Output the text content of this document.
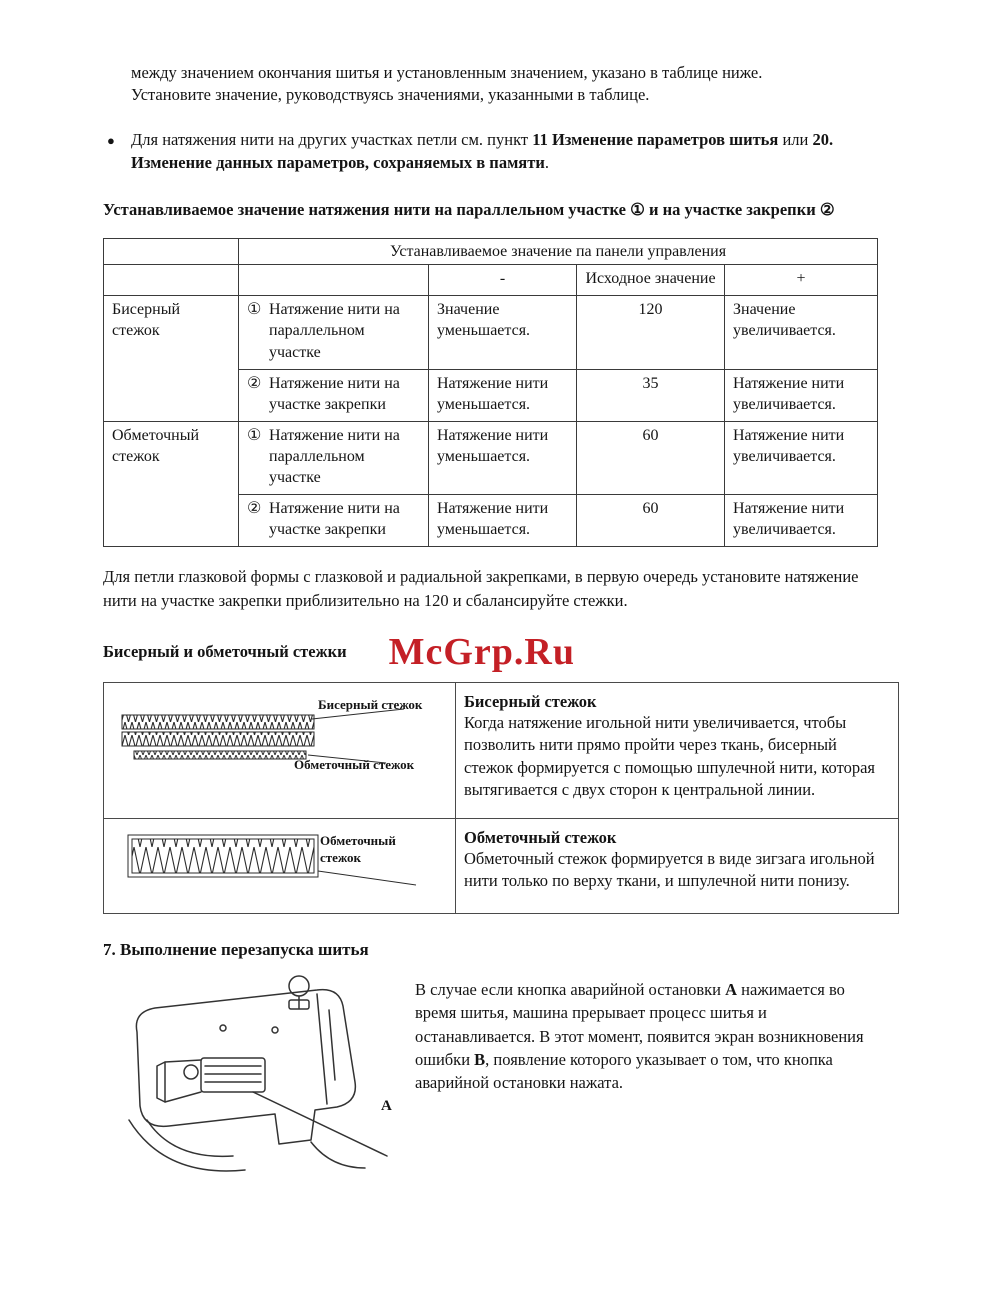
между значением окончания шитья и установленным значением, указано в таблице ниже.
Установите значение, руководствуясь значениями, указанными в таблице.
● Для натяжения нити на других участках петли см. пункт 11 Изменение параметров шитья или 20. Изменение данных параметров, сохраняемых в памяти.
Устанавливаемое значение натяжения нити на параллельном участке ① и на участке закрепки ②
	Устанавливаемое значение па панели управления			
		-	Исходное значение	+
Бисерный стежок	① Натяжение нити на параллельном участке	Значение уменьшается.	120	Значение увеличивается.

	② Натяжение нити на участке закрепки	Натяжение нити уменьшается.	35	Натяжение нити увеличивается.
Обметочный стежок	① Натяжение нити на параллельном участке	Натяжение нити уменьшается.	60	Натяжение нити увеличивается.

	② Натяжение нити на участке закрепки	Натяжение нити уменьшается.	60	Натяжение нити увеличивается.
Для петли глазковой формы с глазковой и радиальной закрепками, в первую очередь установите натяжение нити на участке закрепки приблизительно на 120 и сбалансируйте стежки.
Бисерный и обметочный стежки McGrp.Ru
Бисерный стежок
Обметочный стежок
Бисерный стежок
Когда натяжение игольной нити увеличивается, чтобы позволить нити прямо пройти через ткань, бисерный стежок формируется с помощью шпулечной нити, которая вытягивается с двух сторон к центральной линии.
Обметочный стежок
Обметочный стежок
Обметочный стежок формируется в виде зигзага игольной нити только по верху ткани, и шпулечной нити понизу.
7. Выполнение перезапуска шитья
A
В случае если кнопка аварийной остановки A нажимается во время шитья, машина прерывает процесс шитья и останавливается. В этот момент, появится экран возникновения ошибки B, появление которого указывает о том, что кнопка аварийной остановки нажата.
